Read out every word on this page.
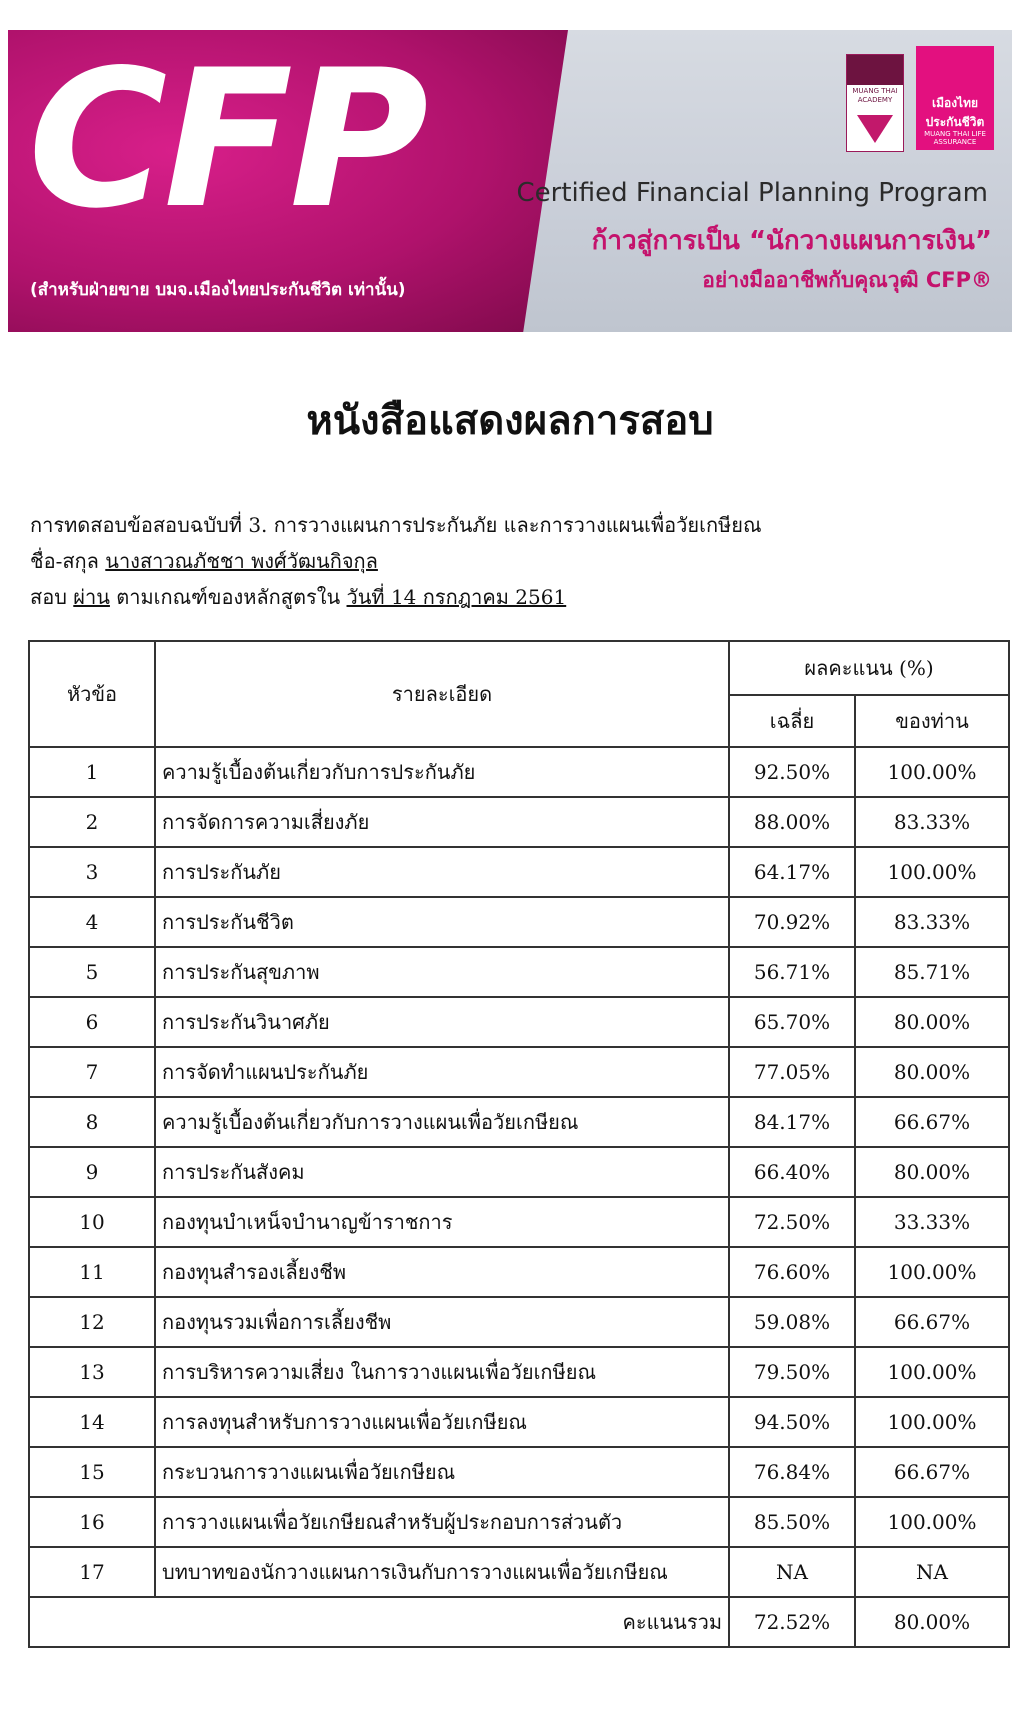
CFP
(สำหรับฝ่ายขาย บมจ.เมืองไทยประกันชีวิต เท่านั้น)
MUANG THAI ACADEMY	เมืองไทย ประกันชีวิต
MUANG THAI LIFE ASSURANCE
Certified Financial Planning Program
ก้าวสู่การเป็น “นักวางแผนการเงิน”
อย่างมืออาชีพกับคุณวุฒิ CFP®
หนังสือแสดงผลการสอบ
การทดสอบข้อสอบฉบับที่ 3. การวางแผนการประกันภัย และการวางแผนเพื่อวัยเกษียณ
ชื่อ-สกุล นางสาวณภัชชา พงศ์วัฒนกิจกุล
สอบ ผ่าน ตามเกณฑ์ของหลักสูตรใน วันที่ 14 กรกฎาคม 2561
หัวข้อ	รายละเอียด	ผลคะแนน (%)	
		เฉลี่ย	ของท่าน
1	ความรู้เบื้องต้นเกี่ยวกับการประกันภัย	92.50%	100.00%
2	การจัดการความเสี่ยงภัย	88.00%	83.33%
3	การประกันภัย	64.17%	100.00%
4	การประกันชีวิต	70.92%	83.33%
5	การประกันสุขภาพ	56.71%	85.71%
6	การประกันวินาศภัย	65.70%	80.00%
7	การจัดทำแผนประกันภัย	77.05%	80.00%
8	ความรู้เบื้องต้นเกี่ยวกับการวางแผนเพื่อวัยเกษียณ	84.17%	66.67%
9	การประกันสังคม	66.40%	80.00%
10	กองทุนบำเหน็จบำนาญข้าราชการ	72.50%	33.33%
11	กองทุนสำรองเลี้ยงชีพ	76.60%	100.00%
12	กองทุนรวมเพื่อการเลี้ยงชีพ	59.08%	66.67%
13	การบริหารความเสี่ยง ในการวางแผนเพื่อวัยเกษียณ	79.50%	100.00%
14	การลงทุนสำหรับการวางแผนเพื่อวัยเกษียณ	94.50%	100.00%
15	กระบวนการวางแผนเพื่อวัยเกษียณ	76.84%	66.67%
16	การวางแผนเพื่อวัยเกษียณสำหรับผู้ประกอบการส่วนตัว	85.50%	100.00%
17	บทบาทของนักวางแผนการเงินกับการวางแผนเพื่อวัยเกษียณ	NA	NA
คะแนนรวม		72.52%	80.00%
